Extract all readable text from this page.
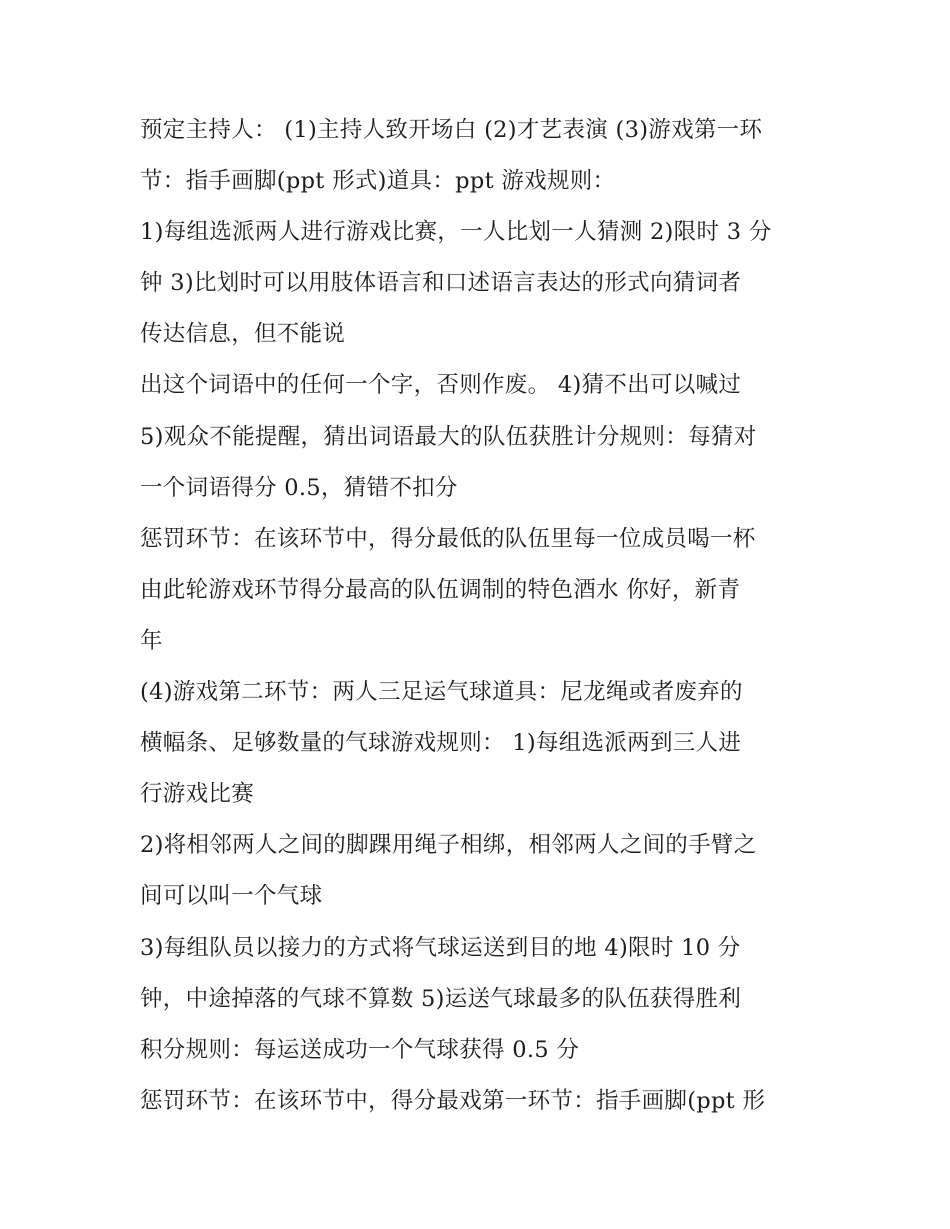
预定主持人： (1)主持人致开场白 (2)才艺表演 (3)游戏第一环
节：指手画脚(ppt 形式)道具：ppt 游戏规则：
1)每组选派两人进行游戏比赛，一人比划一人猜测 2)限时 3 分
钟 3)比划时可以用肢体语言和口述语言表达的形式向猜词者
传达信息，但不能说
出这个词语中的任何一个字，否则作废。 4)猜不出可以喊过
5)观众不能提醒，猜出词语最大的队伍获胜计分规则：每猜对
一个词语得分 0.5，猜错不扣分
惩罚环节：在该环节中，得分最低的队伍里每一位成员喝一杯
由此轮游戏环节得分最高的队伍调制的特色酒水 你好，新青
年
(4)游戏第二环节：两人三足运气球道具：尼龙绳或者废弃的
横幅条、足够数量的气球游戏规则： 1)每组选派两到三人进
行游戏比赛
2)将相邻两人之间的脚踝用绳子相绑，相邻两人之间的手臂之
间可以叫一个气球
3)每组队员以接力的方式将气球运送到目的地 4)限时 10 分
钟，中途掉落的气球不算数 5)运送气球最多的队伍获得胜利
积分规则：每运送成功一个气球获得 0.5 分
惩罚环节：在该环节中，得分最戏第一环节：指手画脚(ppt 形
